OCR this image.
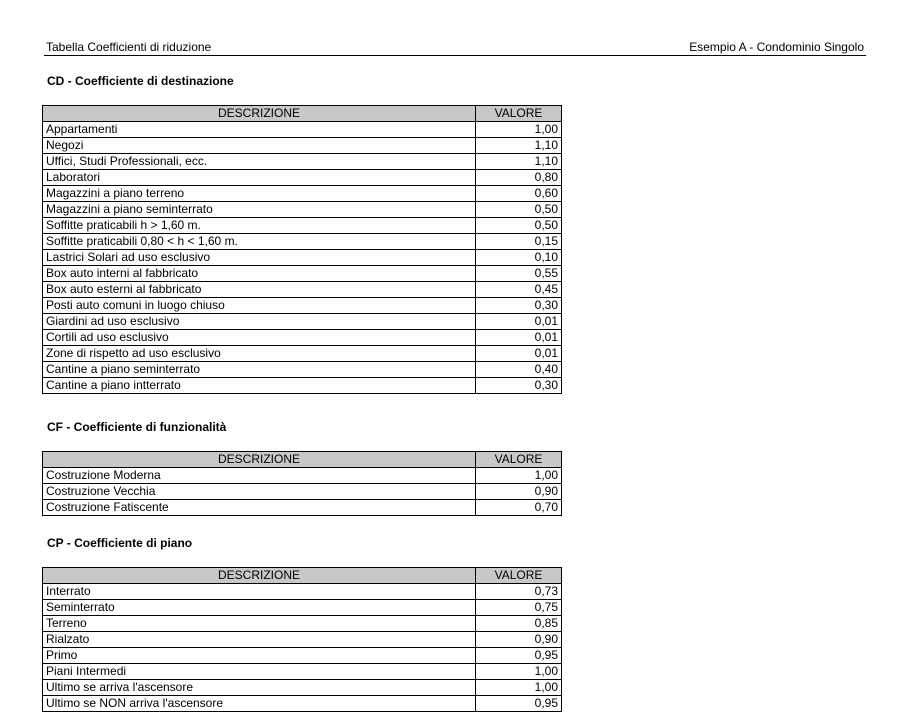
Tabella Coefficienti di riduzione	Esempio A - Condominio Singolo
CD - Coefficiente di destinazione
DESCRIZIONE	VALORE
Appartamenti	1,00
Negozi	1,10
Uffici, Studi Professionali, ecc.	1,10
Laboratori	0,80
Magazzini a piano terreno	0,60
Magazzini a piano seminterrato	0,50
Soffitte praticabili h > 1,60 m.	0,50
Soffitte praticabili 0,80 < h < 1,60 m.	0,15
Lastrici Solari ad uso esclusivo	0,10
Box auto interni al fabbricato	0,55
Box auto esterni al fabbricato	0,45
Posti auto comuni in luogo chiuso	0,30
Giardini ad uso esclusivo	0,01
Cortili ad uso esclusivo	0,01
Zone di rispetto ad uso esclusivo	0,01
Cantine a piano seminterrato	0,40
Cantine a piano intterrato	0,30
CF - Coefficiente di funzionalità
DESCRIZIONE	VALORE
Costruzione Moderna	1,00
Costruzione Vecchia	0,90
Costruzione Fatiscente	0,70
CP - Coefficiente di piano
DESCRIZIONE	VALORE
Interrato	0,73
Seminterrato	0,75
Terreno	0,85
Rialzato	0,90
Primo	0,95
Piani Intermedi	1,00
Ultimo se arriva l'ascensore	1,00
Ultimo se NON arriva l'ascensore	0,95
